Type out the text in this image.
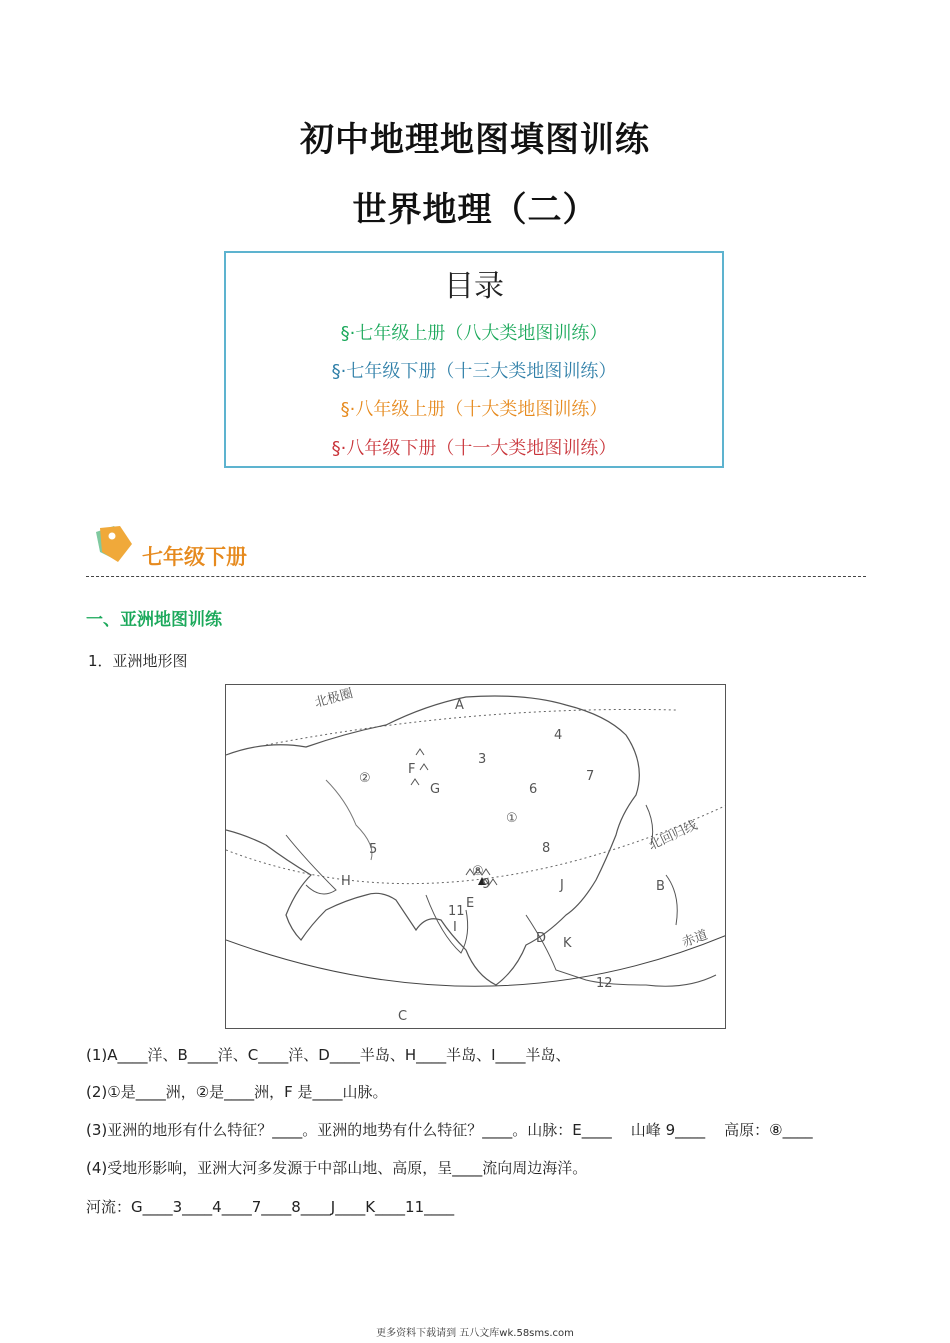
初中地理地图填图训练
世界地理（二）
目录
§·七年级上册（八大类地图训练）
§·七年级下册（十三大类地图训练）
§·八年级上册（十大类地图训练）
§·八年级下册（十一大类地图训练）
七年级下册
一、亚洲地图训练
1．亚洲地形图
北极圈
北回归线
赤道
A
B
C
D
E
F
G
H
I
J
K
①
②
⑧
3
4
5
6
7
8
9
11
12
(1)A____洋、B____洋、C____洋、D____半岛、H____半岛、I____半岛、
(2)①是____洲，②是____洲，F 是____山脉。
(3)亚洲的地形有什么特征？____。亚洲的地势有什么特征？____。山脉：E____    山峰 9____    高原：⑧____
(4)受地形影响，亚洲大河多发源于中部山地、高原，呈____流向周边海洋。
河流：G____3____4____7____8____J____K____11____
更多资料下载请到 五八文库wk.58sms.com
